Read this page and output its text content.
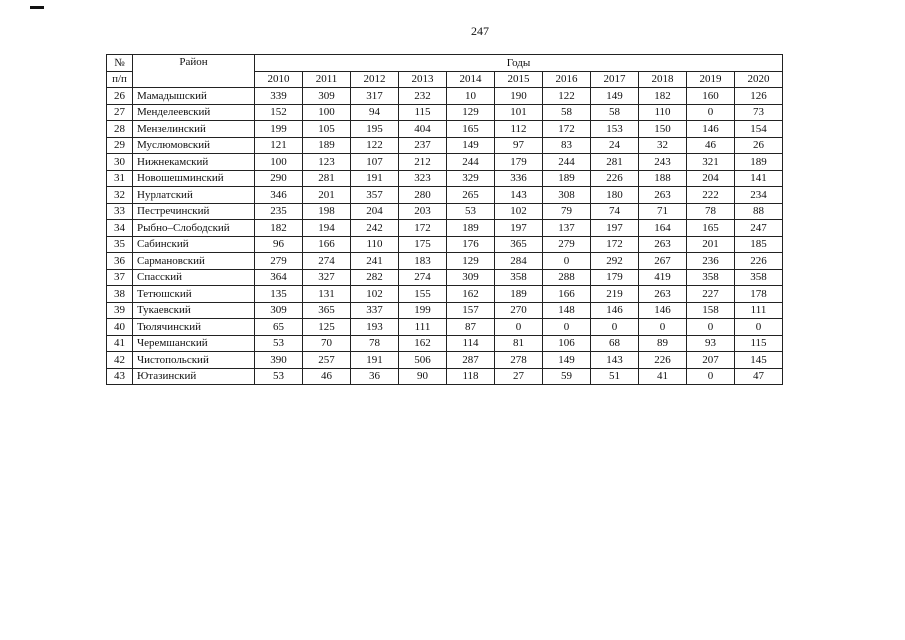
247
№	Район	Годы										
п/п		2010	2011	2012	2013	2014	2015	2016	2017	2018	2019	2020
26	Мамадышский	339	309	317	232	10	190	122	149	182	160	126
27	Менделеевский	152	100	94	115	129	101	58	58	110	0	73
28	Мензелинский	199	105	195	404	165	112	172	153	150	146	154
29	Муслюмовский	121	189	122	237	149	97	83	24	32	46	26
30	Нижнекамский	100	123	107	212	244	179	244	281	243	321	189
31	Новошешминский	290	281	191	323	329	336	189	226	188	204	141
32	Нурлатский	346	201	357	280	265	143	308	180	263	222	234
33	Пестречинский	235	198	204	203	53	102	79	74	71	78	88
34	Рыбно–Слободский	182	194	242	172	189	197	137	197	164	165	247
35	Сабинский	96	166	110	175	176	365	279	172	263	201	185
36	Сармановский	279	274	241	183	129	284	0	292	267	236	226
37	Спасский	364	327	282	274	309	358	288	179	419	358	358
38	Тетюшский	135	131	102	155	162	189	166	219	263	227	178
39	Тукаевский	309	365	337	199	157	270	148	146	146	158	111
40	Тюлячинский	65	125	193	111	87	0	0	0	0	0	0
41	Черемшанский	53	70	78	162	114	81	106	68	89	93	115
42	Чистопольский	390	257	191	506	287	278	149	143	226	207	145
43	Ютазинский	53	46	36	90	118	27	59	51	41	0	47
